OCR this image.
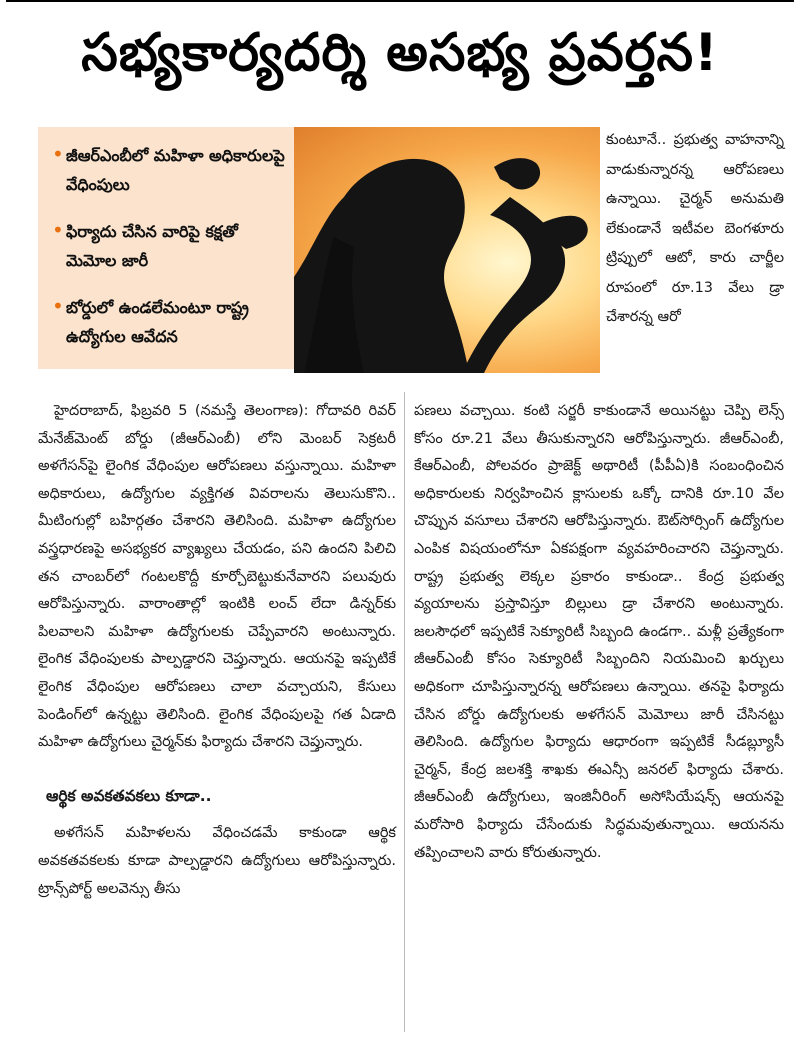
సభ్యకార్యదర్శి అసభ్య ప్రవర్తన!
• జీఆర్ఎంబీలో మహిళా అధికారులపై వేధింపులు
• ఫిర్యాదు చేసిన వారిపై కక్షతో మెమోల జారీ
• బోర్డులో ఉండలేమంటూ రాష్ట్ర ఉద్యోగుల ఆవేదన
కుంటూనే.. ప్రభుత్వ వాహనాన్ని వాడుకున్నారన్న ఆరోపణలు ఉన్నాయి. చైర్మన్ అనుమతి లేకుండానే ఇటీవల బెంగళూరు ట్రిప్పులో ఆటో, కారు చార్జీల రూపంలో రూ.13 వేలు డ్రా చేశారన్న ఆరో

హైదరాబాద్, ఫిబ్రవరి 5 (నమస్తే తెలంగాణ): గోదావరి రివర్ మేనేజ్‌మెంట్ బోర్డు (జీఆర్ఎంబీ) లోని మెంబర్ సెక్రటరీ అళగేసన్‌పై లైంగిక వేధింపుల ఆరోపణలు వస్తున్నాయి. మహిళా అధికారులు, ఉద్యోగుల వ్యక్తిగత వివరాలను తెలుసుకొని.. మీటింగుల్లో బహిర్గతం చేశారని తెలిసింది. మహిళా ఉద్యోగుల వస్త్రధారణపై అసభ్యకర వ్యాఖ్యలు చేయడం, పని ఉందని పిలిచి తన చాంబర్‌లో గంటలకొద్దీ కూర్చోబెట్టుకునేవారని పలువురు ఆరోపిస్తున్నారు. వారాంతాల్లో ఇంటికి లంచ్ లేదా డిన్నర్‌కు పిలవాలని మహిళా ఉద్యోగులకు చెప్పేవారని అంటున్నారు. లైంగిక వేధింపులకు పాల్పడ్డారని చెప్తున్నారు. ఆయనపై ఇప్పటికే లైంగిక వేధింపుల ఆరోపణలు చాలా వచ్చాయని, కేసులు పెండింగ్‌లో ఉన్నట్టు తెలిసింది. లైంగిక వేధింపులపై గత ఏడాది మహిళా ఉద్యోగులు చైర్మన్‌కు ఫిర్యాదు చేశారని చెప్తున్నారు.

ఆర్థిక అవకతవకలు కూడా..

అళగేసన్ మహిళలను వేధించడమే కాకుండా ఆర్థిక అవకతవకలకు కూడా పాల్పడ్డారని ఉద్యోగులు ఆరోపిస్తున్నారు. ట్రాన్స్‌పోర్ట్ అలవెన్సు తీసు

పణలు వచ్చాయి. కంటి సర్జరీ కాకుండానే అయినట్టు చెప్పి లెన్స్ కోసం రూ.21 వేలు తీసుకున్నారని ఆరోపిస్తున్నారు. జీఆర్ఎంబీ, కేఆర్ఎంబీ, పోలవరం ప్రాజెక్ట్ అథారిటీ (పీపీఏ)కి సంబంధించిన అధికారులకు నిర్వహించిన క్లాసులకు ఒక్కో దానికి రూ.10 వేల చొప్పున వసూలు చేశారని ఆరోపిస్తున్నారు. ఔట్‌సోర్సింగ్ ఉద్యోగుల ఎంపిక విషయంలోనూ ఏకపక్షంగా వ్యవహరించారని చెప్తున్నారు. రాష్ట్ర ప్రభుత్వ లెక్కల ప్రకారం కాకుండా.. కేంద్ర ప్రభుత్వ వ్యయాలను ప్రస్తావిస్తూ బిల్లులు డ్రా చేశారని అంటున్నారు. జలసౌధలో ఇప్పటికే సెక్యూరిటీ సిబ్బంది ఉండగా.. మళ్లీ ప్రత్యేకంగా జీఆర్ఎంబీ కోసం సెక్యూరిటీ సిబ్బందిని నియమించి ఖర్చులు అధికంగా చూపిస్తున్నారన్న ఆరోపణలు ఉన్నాయి. తనపై ఫిర్యాదు చేసిన బోర్డు ఉద్యోగులకు అళగేసన్ మెమోలు జారీ చేసినట్టు తెలిసింది. ఉద్యోగుల ఫిర్యాదు ఆధారంగా ఇప్పటికే సీడబ్ల్యూసీ చైర్మన్, కేంద్ర జలశక్తి శాఖకు ఈఎన్సీ జనరల్ ఫిర్యాదు చేశారు. జీఆర్ఎంబీ ఉద్యోగులు, ఇంజినీరింగ్ అసోసియేషన్స్ ఆయనపై మరోసారి ఫిర్యాదు చేసేందుకు సిద్ధమవుతున్నాయి. ఆయనను తప్పించాలని వారు కోరుతున్నారు.
